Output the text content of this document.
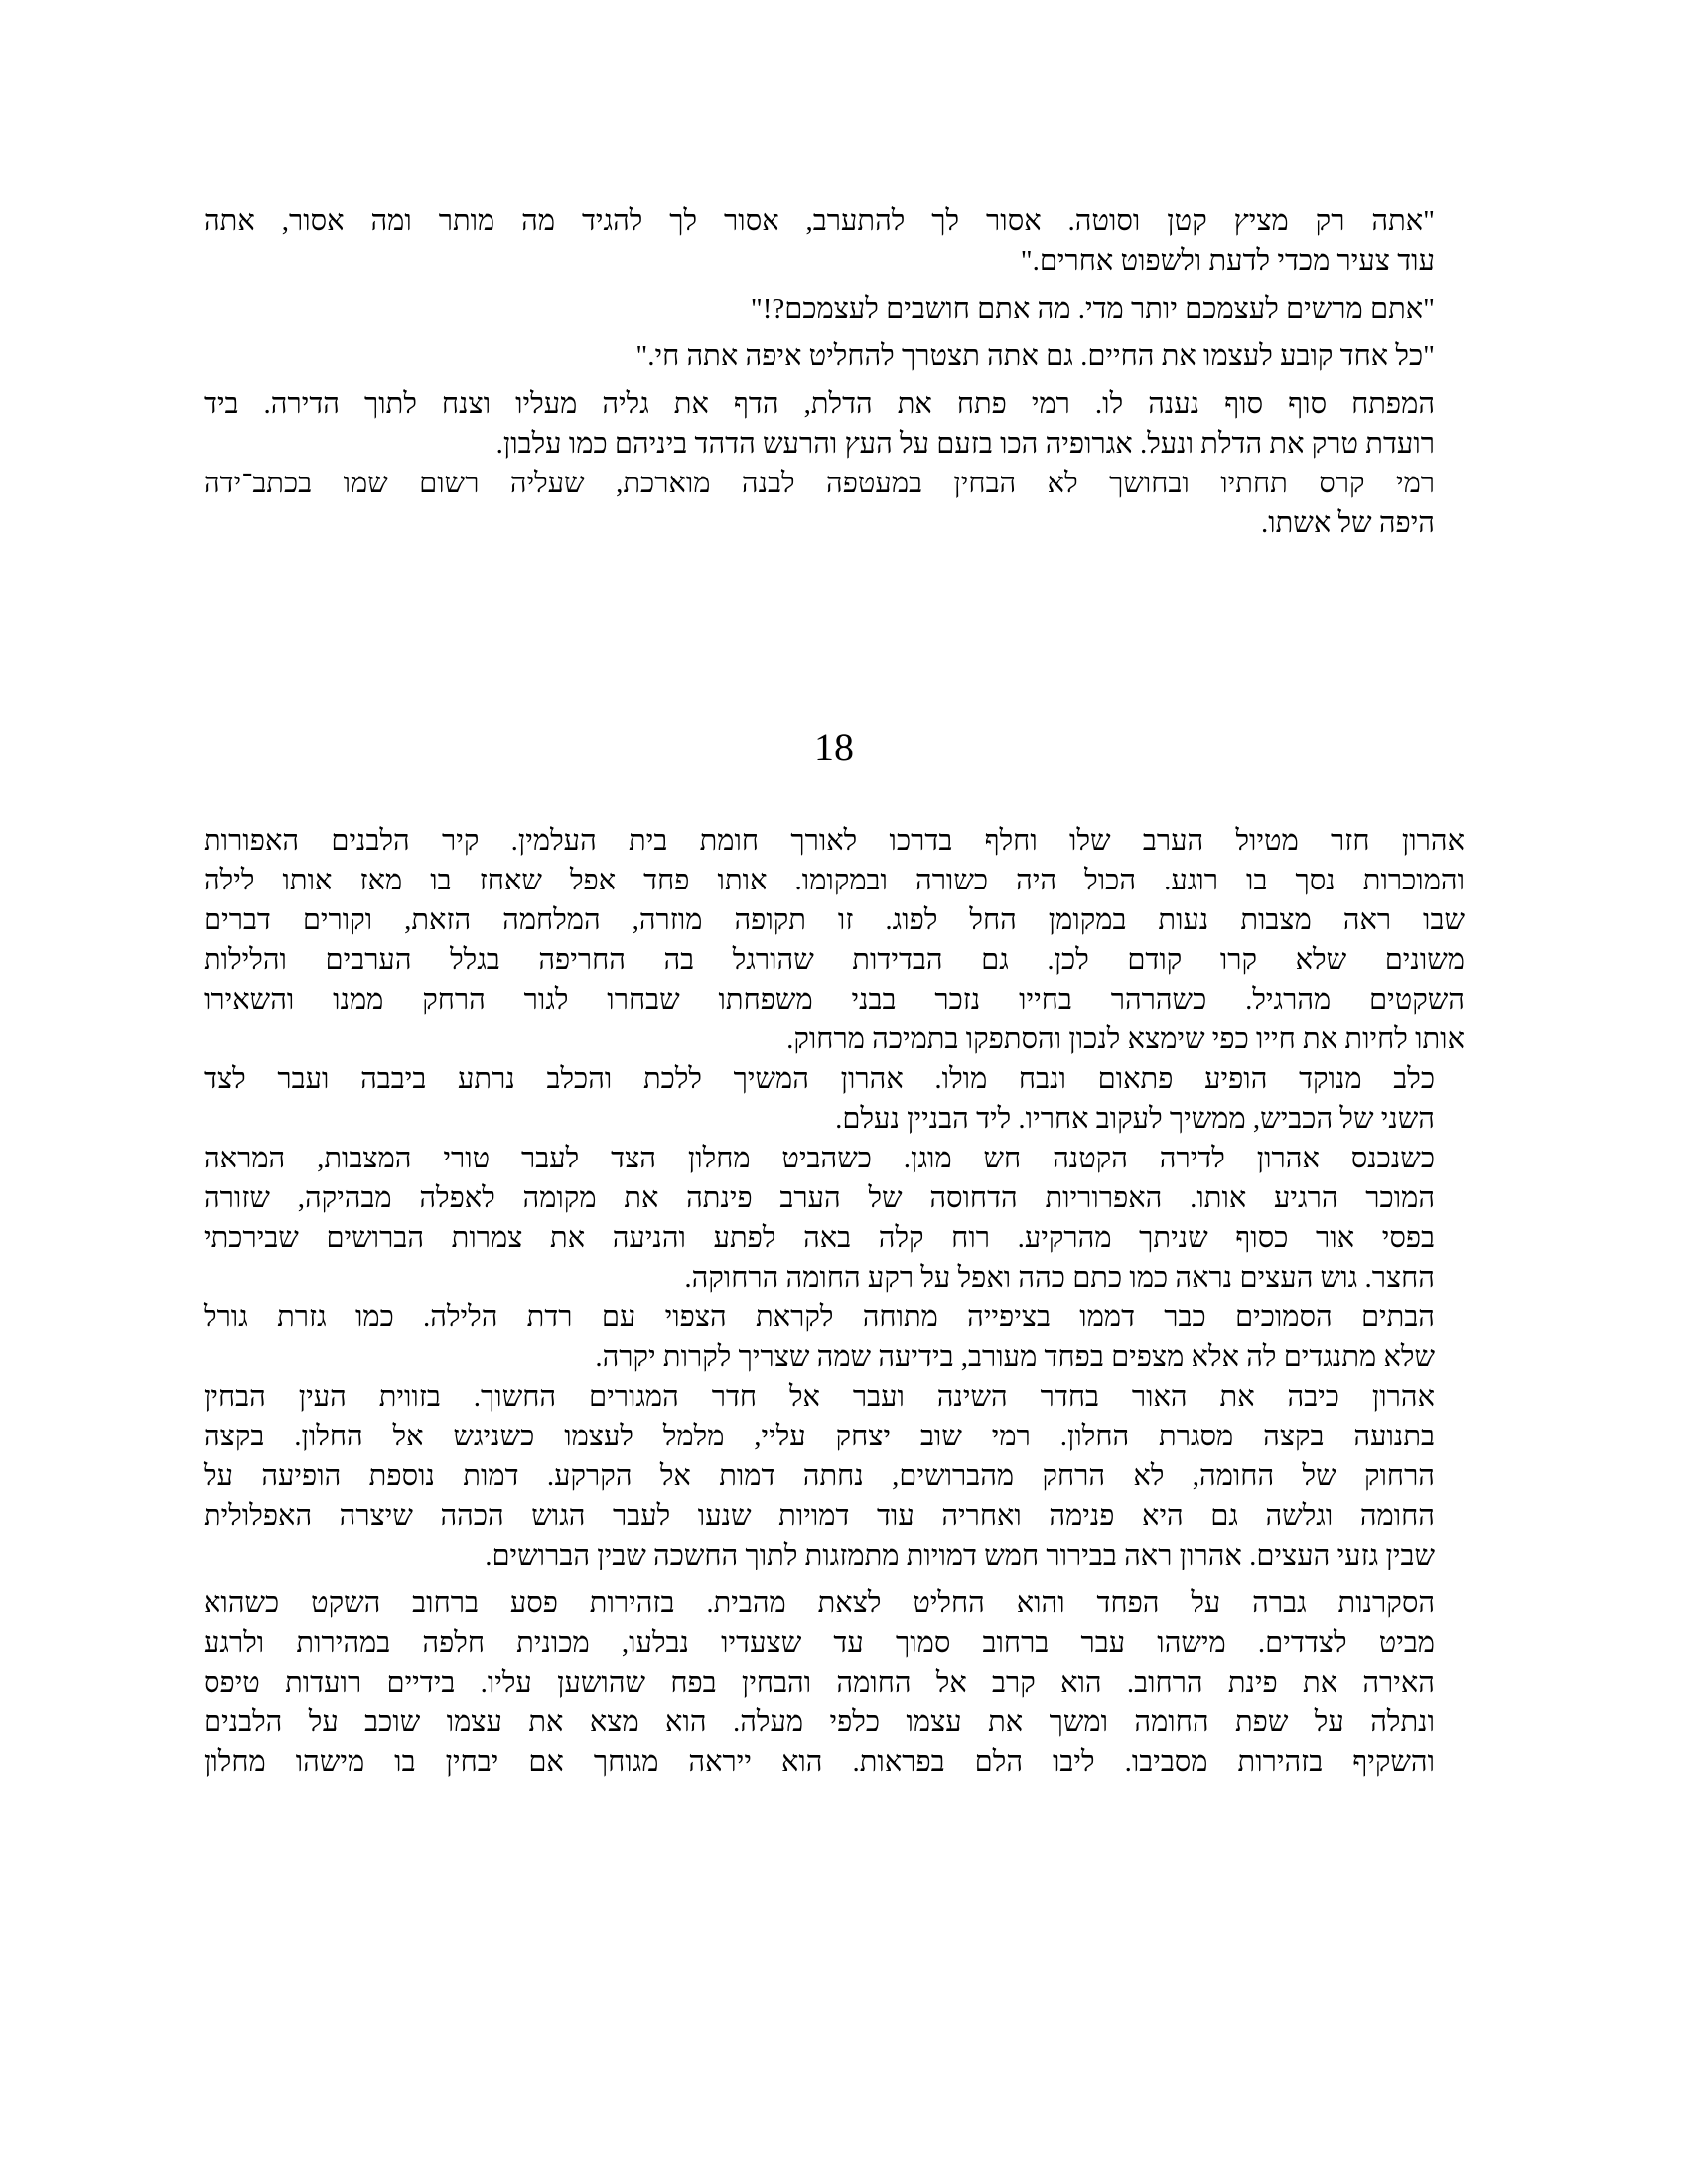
"אתה רק מציץ קטן וסוטה. אסור לך להתערב, אסור לך להגיד מה מותר ומה אסור, אתה
עוד צעיר מכדי לדעת ולשפוט אחרים."
"אתם מרשים לעצמכם יותר מדי. מה אתם חושבים לעצמכם?!"
"כל אחד קובע לעצמו את החיים. גם אתה תצטרך להחליט איפה אתה חי."
המפתח סוף סוף נענה לו. רמי פתח את הדלת, הדף את גליה מעליו וצנח לתוך הדירה. ביד
רועדת טרק את הדלת ונעל. אגרופיה הכו בזעם על העץ והרעש הדהד ביניהם כמו עלבון.
רמי קרס תחתיו ובחושך לא הבחין במעטפה לבנה מוארכת, שעליה רשום שמו בכתב־ידה
היפה של אשתו.
18
אהרון חזר מטיול הערב שלו וחלף בדרכו לאורך חומת בית העלמין. קיר הלבנים האפורות
והמוכרות נסך בו רוגע. הכול היה כשורה ובמקומו. אותו פחד אפל שאחז בו מאז אותו לילה
שבו ראה מצבות נעות במקומן החל לפוג. זו תקופה מוזרה, המלחמה הזאת, וקורים דברים
משונים שלא קרו קודם לכן. גם הבדידות שהורגל בה החריפה בגלל הערבים והלילות
השקטים מהרגיל. כשהרהר בחייו נזכר בבני משפחתו שבחרו לגור הרחק ממנו והשאירו
אותו לחיות את חייו כפי שימצא לנכון והסתפקו בתמיכה מרחוק.
כלב מנוקד הופיע פתאום ונבח מולו. אהרון המשיך ללכת והכלב נרתע ביבבה ועבר לצד
השני של הכביש, ממשיך לעקוב אחריו. ליד הבניין נעלם.
כשנכנס אהרון לדירה הקטנה חש מוגן. כשהביט מחלון הצד לעבר טורי המצבות, המראה
המוכר הרגיע אותו. האפרוריות הדחוסה של הערב פינתה את מקומה לאפלה מבהיקה, שזורה
בפסי אור כסוף שניתך מהרקיע. רוח קלה באה לפתע והניעה את צמרות הברושים שבירכתי
החצר. גוש העצים נראה כמו כתם כהה ואפל על רקע החומה הרחוקה.
הבתים הסמוכים כבר דממו בציפייה מתוחה לקראת הצפוי עם רדת הלילה. כמו גזרת גורל
שלא מתנגדים לה אלא מצפים בפחד מעורב, בידיעה שמה שצריך לקרות יקרה.
אהרון כיבה את האור בחדר השינה ועבר אל חדר המגורים החשוך. בזווית העין הבחין
בתנועה בקצה מסגרת החלון. רמי שוב יצחק עליי, מלמל לעצמו כשניגש אל החלון. בקצה
הרחוק של החומה, לא הרחק מהברושים, נחתה דמות אל הקרקע. דמות נוספת הופיעה על
החומה וגלשה גם היא פנימה ואחריה עוד דמויות שנעו לעבר הגוש הכהה שיצרה האפלולית
שבין גזעי העצים. אהרון ראה בבירור חמש דמויות מתמזגות לתוך החשכה שבין הברושים.
הסקרנות גברה על הפחד והוא החליט לצאת מהבית. בזהירות פסע ברחוב השקט כשהוא
מביט לצדדים. מישהו עבר ברחוב סמוך עד שצעדיו נבלעו, מכונית חלפה במהירות ולרגע
האירה את פינת הרחוב. הוא קרב אל החומה והבחין בפח שהושען עליו. בידיים רועדות טיפס
ונתלה על שפת החומה ומשך את עצמו כלפי מעלה. הוא מצא את עצמו שוכב על הלבנים
והשקיף בזהירות מסביבו. ליבו הלם בפראות. הוא ייראה מגוחך אם יבחין בו מישהו מחלון
